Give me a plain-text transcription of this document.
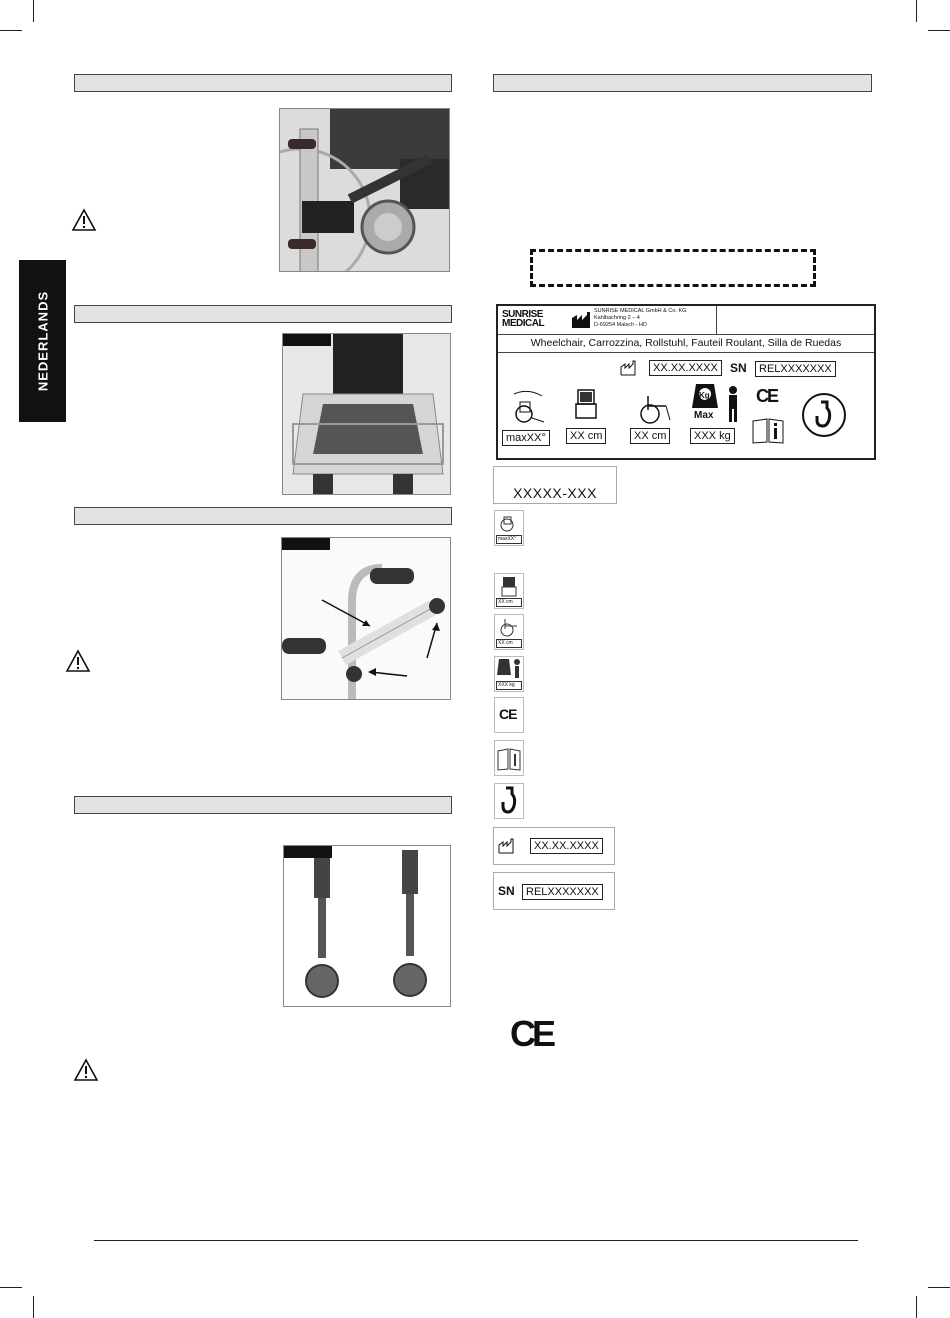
NEDERLANDS	SUNRISE
MEDICAL
SUNRISE MEDICAL GmbH & Co. KG
Kahlbachring 2 – 4
D-69254 Malsch - HD
Wheelchair, Carrozzina, Rollstuhl, Fauteil Roulant, Silla de Ruedas
XX.XX.XXXX	SN	RELXXXXXXX
Kg
Max
CE
maxXX°	XX cm	XX cm	XXX kg
XXXXX-XXX
maxXX°
XX cm
XX cm
XXX kg
CE
XX.XX.XXXX
SN	RELXXXXXXX
CE
